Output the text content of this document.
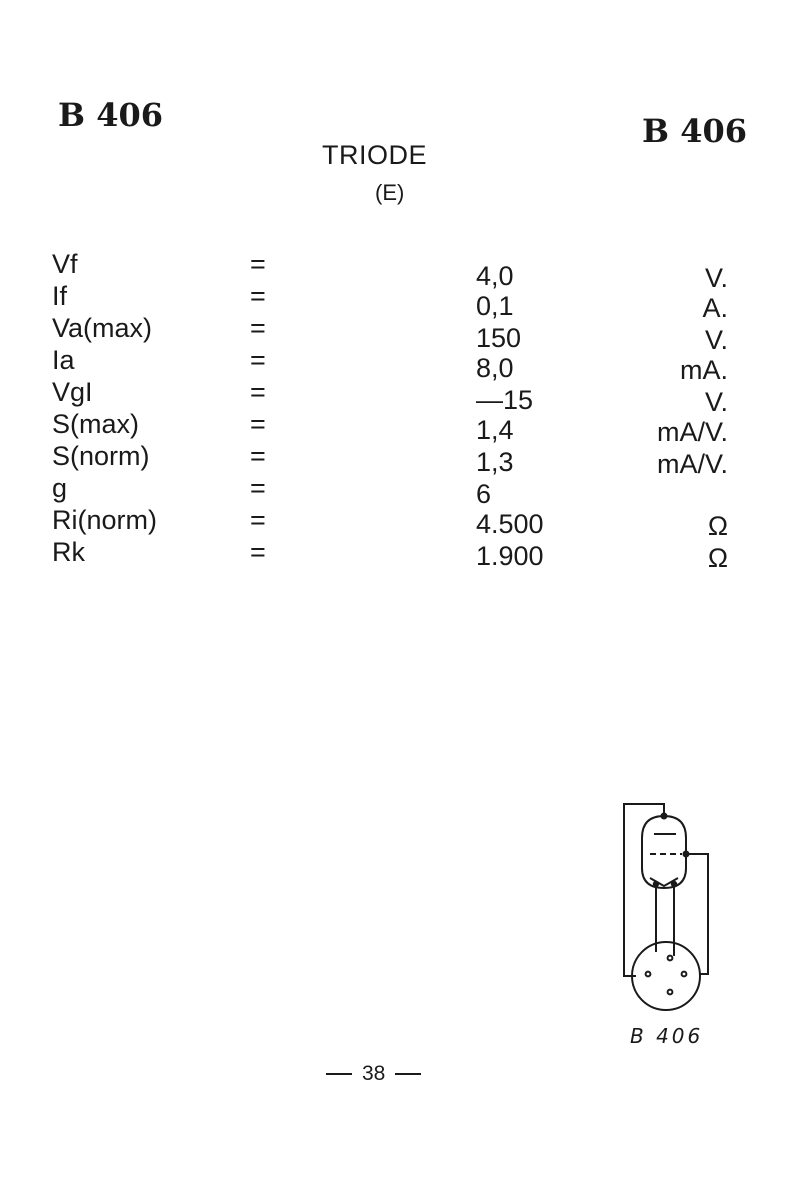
B 406	B 406
TRIODE
(E)
Vf	=	4,0	V.
If	=	0,1	A.
Va(max)	=	150	V.
Ia	=	8,0	mA.
VgI	=	—15	V.
S(max)	=	1,4	mA/V.
S(norm)	=	1,3	mA/V.
g	=	6
Ri(norm)	=	4.500	Ω
Rk	=	1.900	Ω
B 406
38
